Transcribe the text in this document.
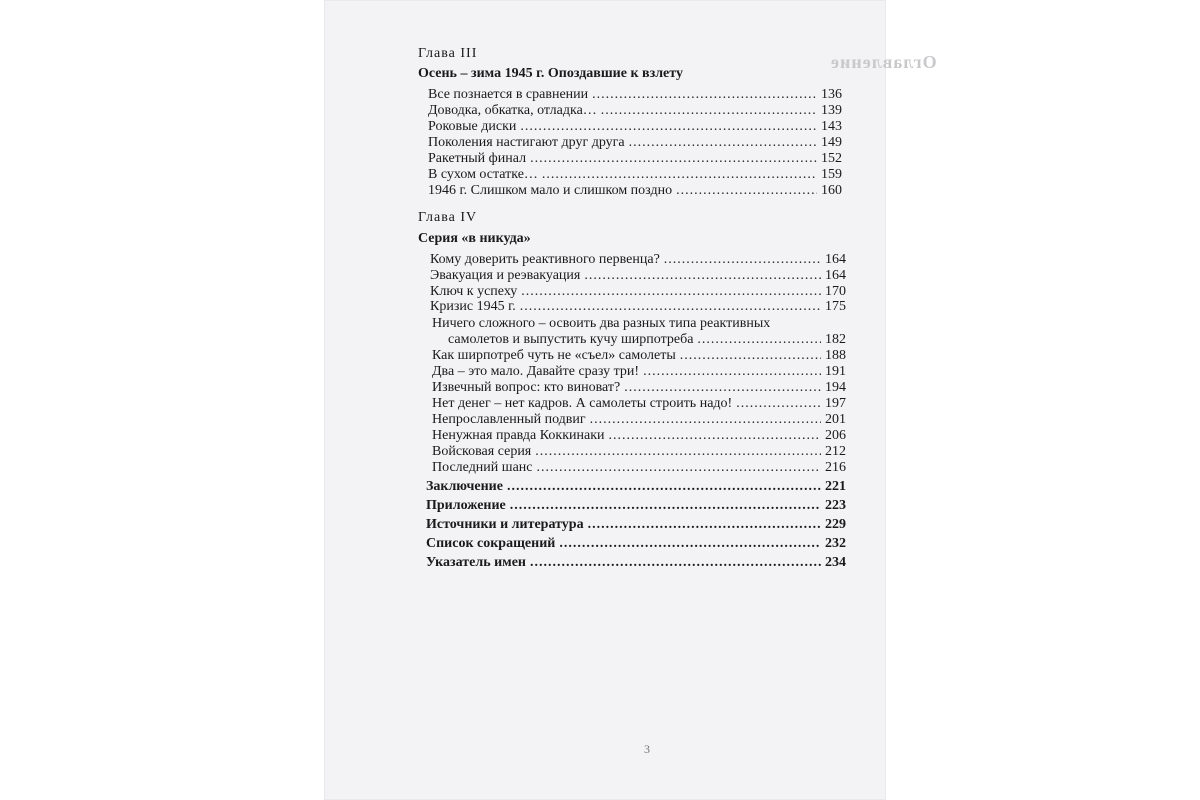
Оглавление
Глава III
Осень – зима 1945 г. Опоздавшие к взлету
Все познается в сравнении .....	136
Доводка, обкатка, отладка… .....	139
Роковые диски .....	143
Поколения настигают друг друга .....	149
Ракетный финал .....	152
В сухом остатке… .....	159
1946 г. Слишком мало и слишком поздно .....	160
Глава IV
Серия «в никуда»
Кому доверить реактивного первенца? .....	164
Эвакуация и реэвакуация .....	164
Ключ к успеху .....	170
Кризис 1945 г. .....	175
Ничего сложного – освоить два разных типа реактивных
самолетов и выпустить кучу ширпотреба .....	182
Как ширпотреб чуть не «съел» самолеты .....	188
Два – это мало. Давайте сразу три! .....	191
Извечный вопрос: кто виноват? .....	194
Нет денег – нет кадров. А самолеты строить надо! .....	197
Непрославленный подвиг .....	201
Ненужная правда Коккинаки .....	206
Войсковая серия .....	212
Последний шанс .....	216
Заключение .....	221
Приложение .....	223
Источники и литература .....	229
Список сокращений .....	232
Указатель имен .....	234
3
